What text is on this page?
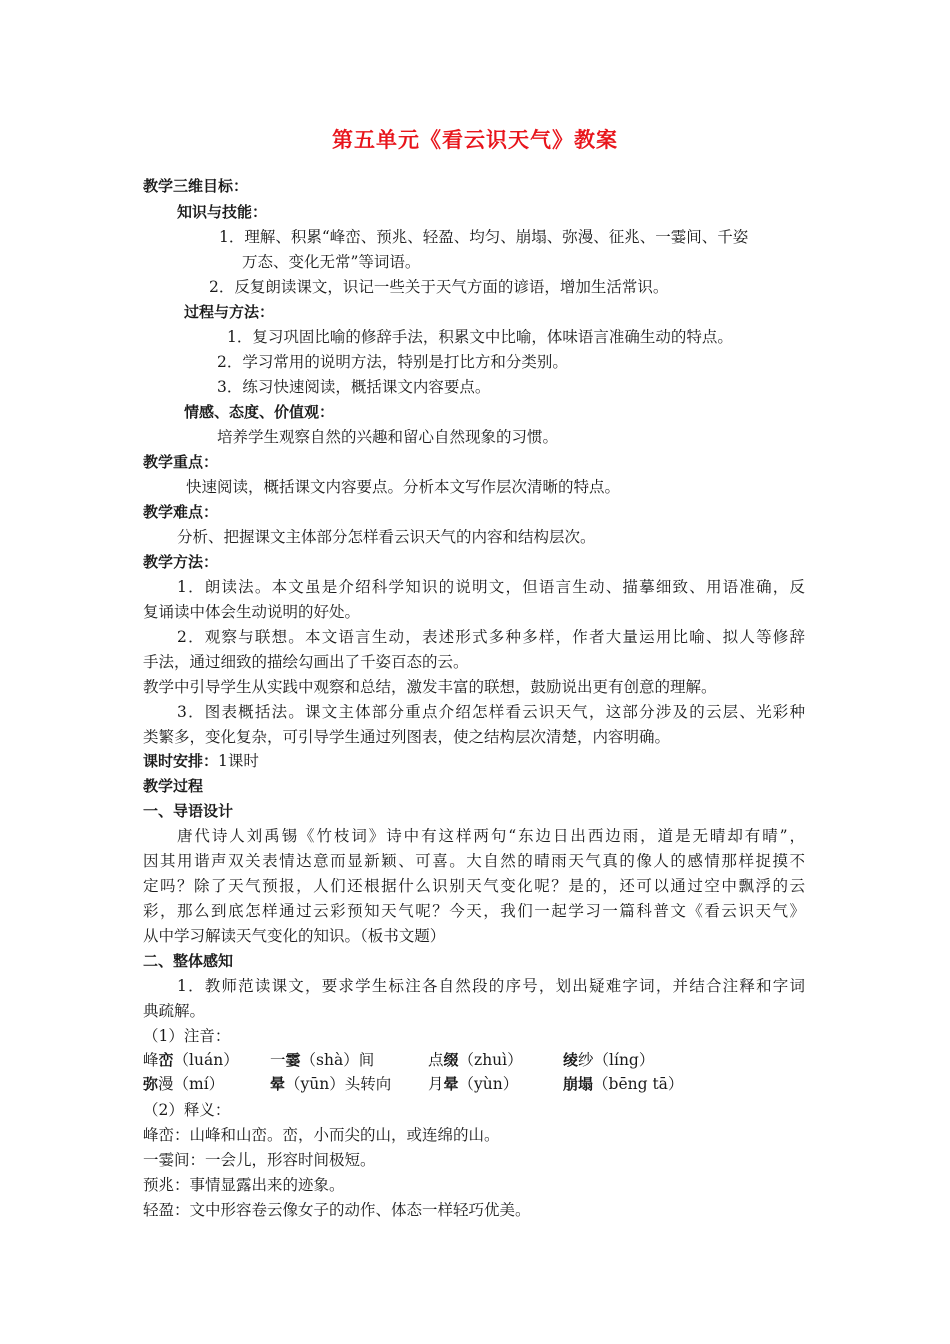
第五单元《看云识天气》教案
教学三维目标：
知识与技能：
1．理解、积累“峰峦、预兆、轻盈、均匀、崩塌、弥漫、征兆、一霎间、千姿
万态、变化无常”等词语。
2．反复朗读课文，识记一些关于天气方面的谚语，增加生活常识。
过程与方法：
1．复习巩固比喻的修辞手法，积累文中比喻，体味语言准确生动的特点。
2．学习常用的说明方法，特别是打比方和分类别。
3．练习快速阅读，概括课文内容要点。
情感、态度、价值观：
培养学生观察自然的兴趣和留心自然现象的习惯。
教学重点：
快速阅读，概括课文内容要点。分析本文写作层次清晰的特点。
教学难点：
分析、把握课文主体部分怎样看云识天气的内容和结构层次。
教学方法：
1．朗读法。本文虽是介绍科学知识的说明文，但语言生动、描摹细致、用语准确，反
复诵读中体会生动说明的好处。
2．观察与联想。本文语言生动，表述形式多种多样，作者大量运用比喻、拟人等修辞
手法，通过细致的描绘勾画出了千姿百态的云。
教学中引导学生从实践中观察和总结，激发丰富的联想，鼓励说出更有创意的理解。
3．图表概括法。课文主体部分重点介绍怎样看云识天气，这部分涉及的云层、光彩种
类繁多，变化复杂，可引导学生通过列图表，使之结构层次清楚，内容明确。
课时安排：1课时
教学过程
一、导语设计
唐代诗人刘禹锡《竹枝词》诗中有这样两句“东边日出西边雨，道是无晴却有晴”，
因其用谐声双关表情达意而显新颖、可喜。大自然的晴雨天气真的像人的感情那样捉摸不
定吗？除了天气预报，人们还根据什么识别天气变化呢？是的，还可以通过空中飘浮的云
彩，那么到底怎样通过云彩预知天气呢？今天，我们一起学习一篇科普文《看云识天气》
从中学习解读天气变化的知识。（板书文题）
二、整体感知
1．教师范读课文，要求学生标注各自然段的序号，划出疑难字词，并结合注释和字词
典疏解。
（1）注音：
峰峦（luán） 一霎（shà）间	点缀（zhuì）	绫纱（líng）
弥漫（mí）	晕（yūn）头转向 月晕（yùn）	崩塌（bēng tā）
（2）释义：
峰峦：山峰和山峦。峦，小而尖的山，或连绵的山。
一霎间：一会儿，形容时间极短。
预兆：事情显露出来的迹象。
轻盈：文中形容卷云像女子的动作、体态一样轻巧优美。
